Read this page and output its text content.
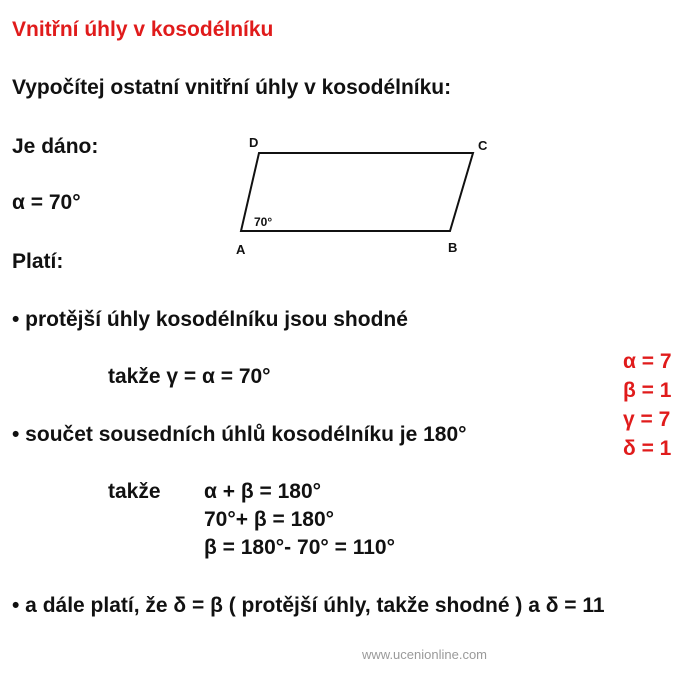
Vnitřní úhly v kosodélníku
Vypočítej ostatní vnitřní úhly v kosodélníku:
Je dáno:
α = 70°
Platí:
D	C
A	B
70°
• protější úhly kosodélníku jsou shodné
takže γ = α = 70°
• součet sousedních úhlů kosodélníku je 180°
takže α + β = 180°
70°+ β = 180°
β = 180°- 70° = 110°
• a dále platí, že δ = β ( protější úhly, takže shodné ) a δ = 11
α = 7
β = 1
γ = 7
δ = 1
www.ucenionline.com
